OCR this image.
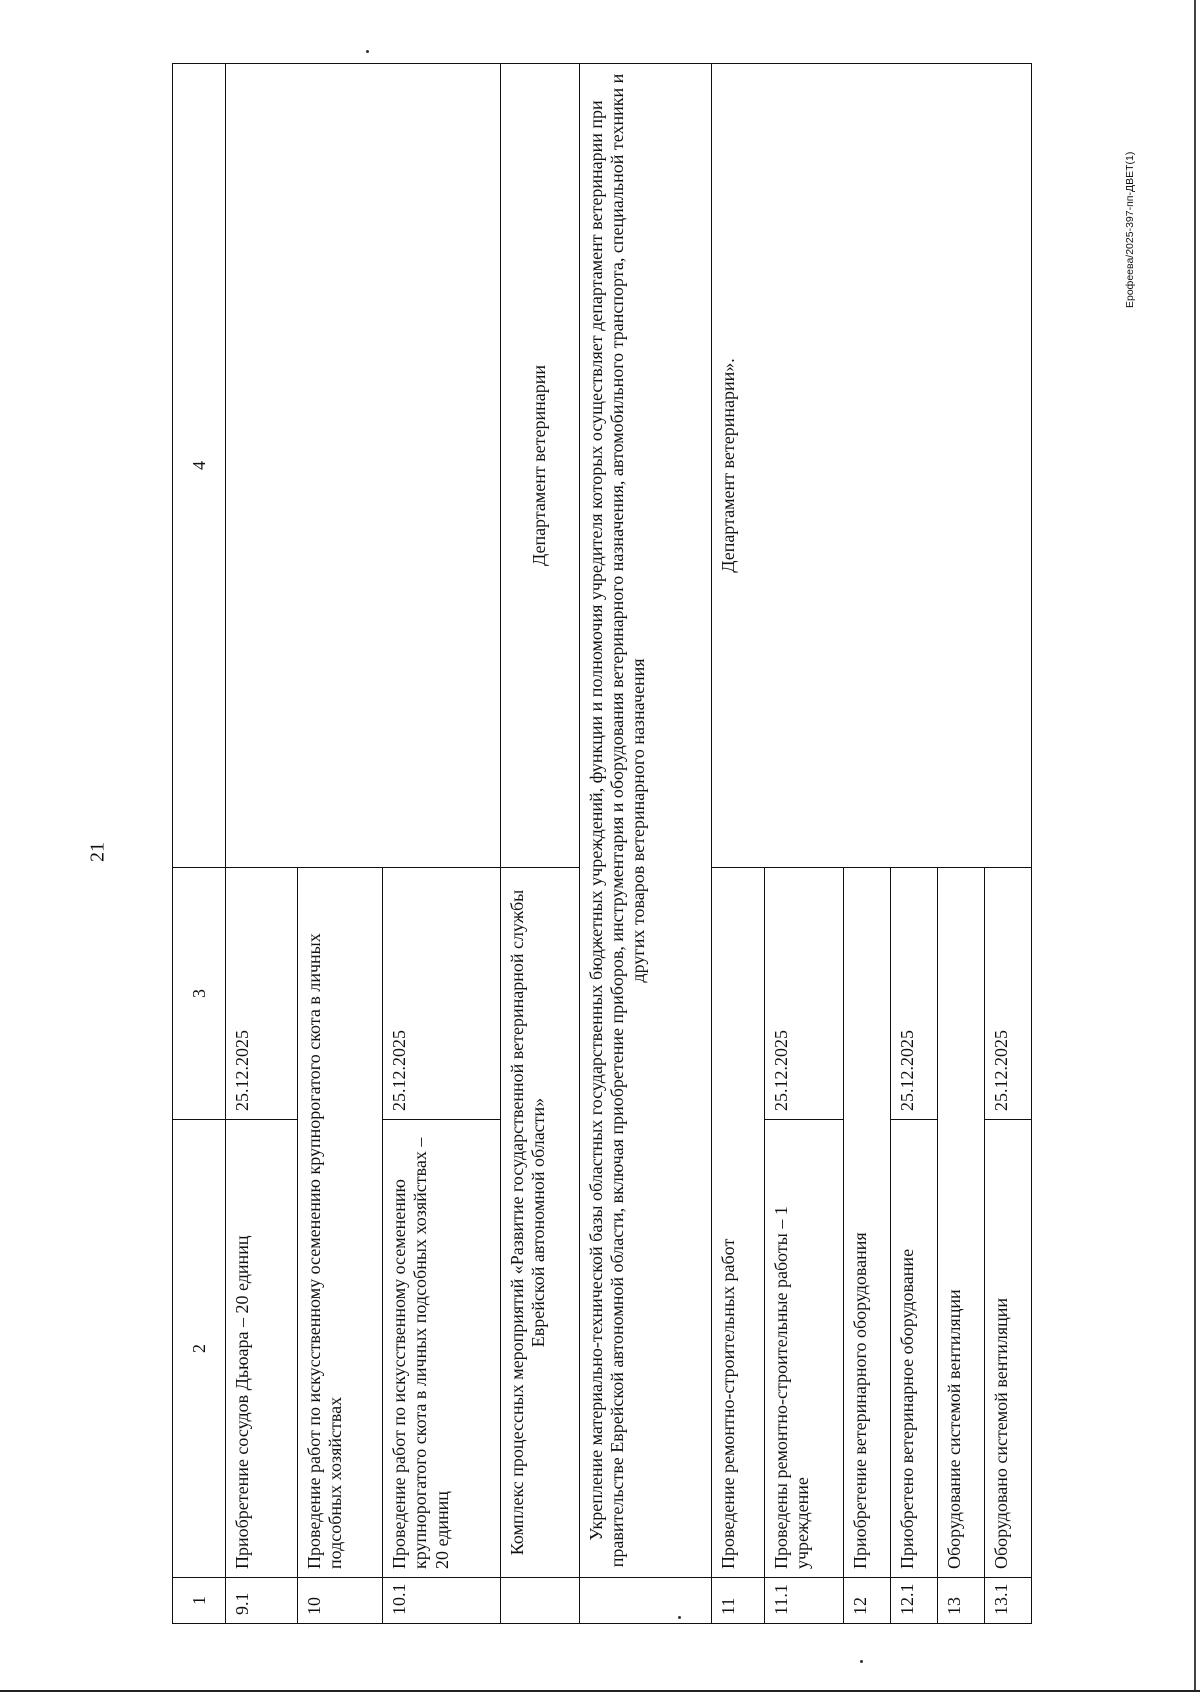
21
Ерофеева/2025-397-пп-ДВЕТ(1)
1	2	3	4
9.1	Приобретение сосудов Дьюара – 20 единиц	25.12.2025	
10	Проведение работ по искусственному осеменению крупнорогатого скота в личных подсобных хозяйствах		
10.1	Проведение работ по искусственному осеменению крупнорогатого скота в личных подсобных хозяйствах – 20 единиц	25.12.2025	
	Комплекс процессных мероприятий «Развитие государственной ветеринарной службы Еврейской автономной области»		Департамент ветеринарии
	Укрепление материально-технической базы областных государственных бюджетных учреждений, функции и полномочия учредителя которых осуществляет департамент ветеринарии при правительстве Еврейской автономной области, включая приобретение приборов, инструментария и оборудования ветеринарного назначения, автомобильного транспорта, специальной техники и других товаров ветеринарного назначения		
11	Проведение ремонтно-строительных работ		Департамент ветеринарии».
11.1	Проведены ремонтно-строительные работы – 1 учреждение	25.12.2025	
12	Приобретение ветеринарного оборудования		
12.1	Приобретено ветеринарное оборудование	25.12.2025	
13	Оборудование системой вентиляции		
13.1	Оборудовано системой вентиляции	25.12.2025	
